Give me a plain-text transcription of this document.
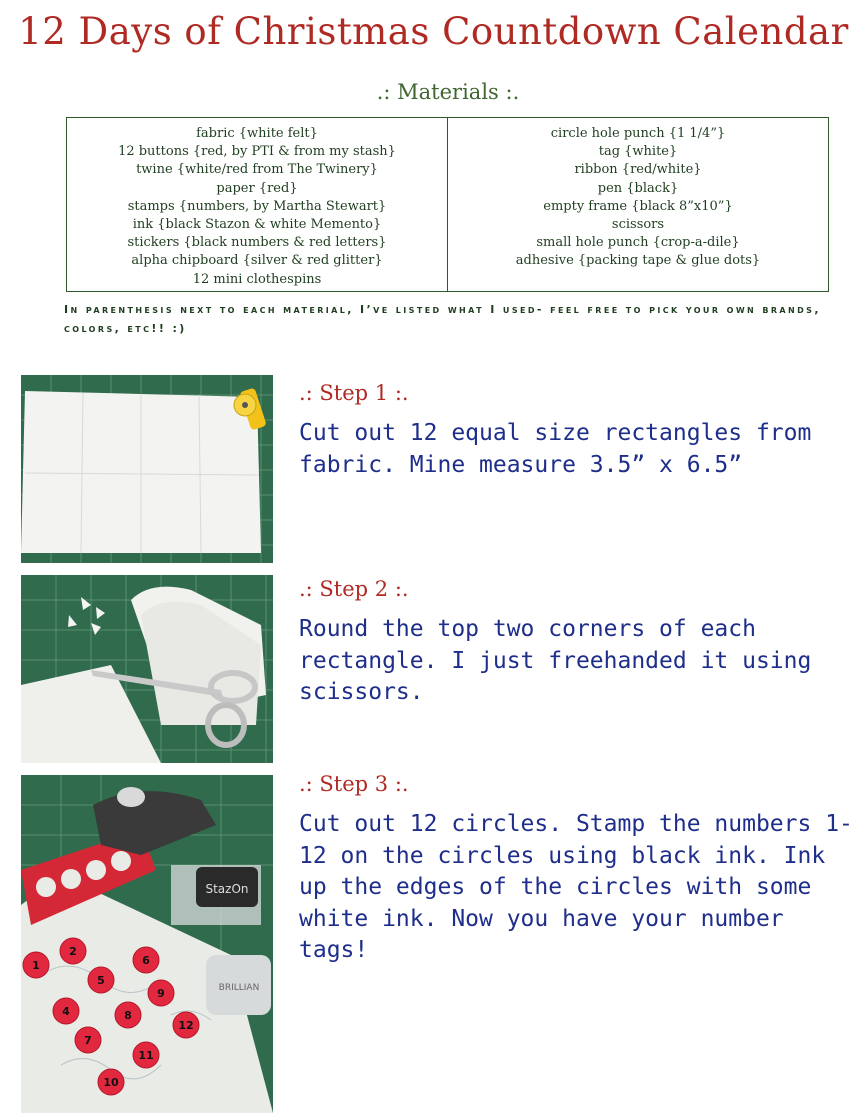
12 Days of Christmas Countdown Calendar
.: Materials :.
fabric {white felt}
12 buttons {red, by PTI & from my stash}
twine {white/red from The Twinery}
paper {red}
stamps {numbers, by Martha Stewart}
ink {black Stazon & white Memento}
stickers {black numbers & red letters}
alpha chipboard {silver & red glitter}
12 mini clothespins
circle hole punch {1 1/4”}
tag {white}
ribbon {red/white}
pen {black}
empty frame {black 8”x10”}
scissors
small hole punch {crop-a-dile}
adhesive {packing tape & glue dots}
In parenthesis next to each material, I’ve listed what I used- feel free to pick your own brands, colors, etc!! :)
.: Step 1 :.
Cut out 12 equal size rectangles from fabric. Mine measure 3.5” x 6.5”
.: Step 2 :.
Round the top two corners of each rectangle. I just freehanded it using scissors.
StazOn
BRILLIAN
1
2
4
5
6
7
8
9
10
11
12
.: Step 3 :.
Cut out 12 circles. Stamp the numbers 1-12 on the circles using black ink. Ink up the edges of the circles with some white ink. Now you have your number tags!
